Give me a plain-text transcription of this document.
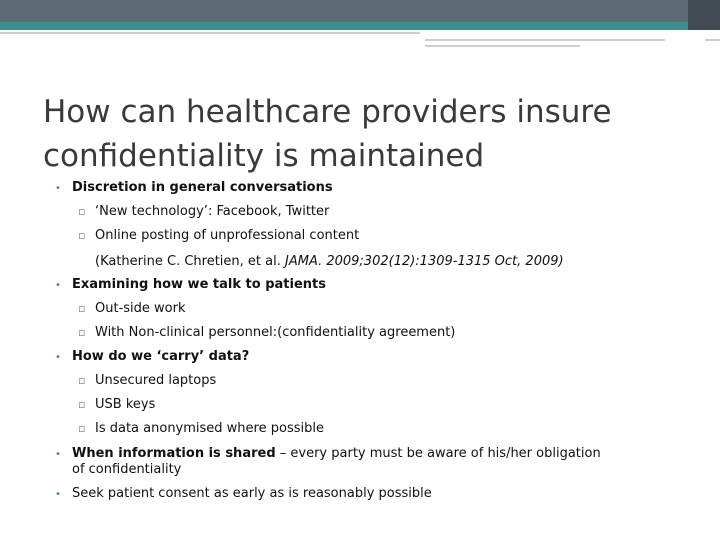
How can healthcare providers insure confidentiality is maintained
• Discretion in general conversations
▫ ‘New technology’: Facebook, Twitter
▫ Online posting of unprofessional content
(Katherine C. Chretien, et al. JAMA. 2009;302(12):1309-1315 Oct, 2009)
• Examining how we talk to patients
▫ Out-side work
▫ With Non-clinical personnel:(confidentiality agreement)
• How do we ‘carry’ data?
▫ Unsecured laptops
▫ USB keys
▫ Is data anonymised where possible
• When information is shared – every party must be aware of his/her obligation of confidentiality
• Seek patient consent as early as is reasonably possible
